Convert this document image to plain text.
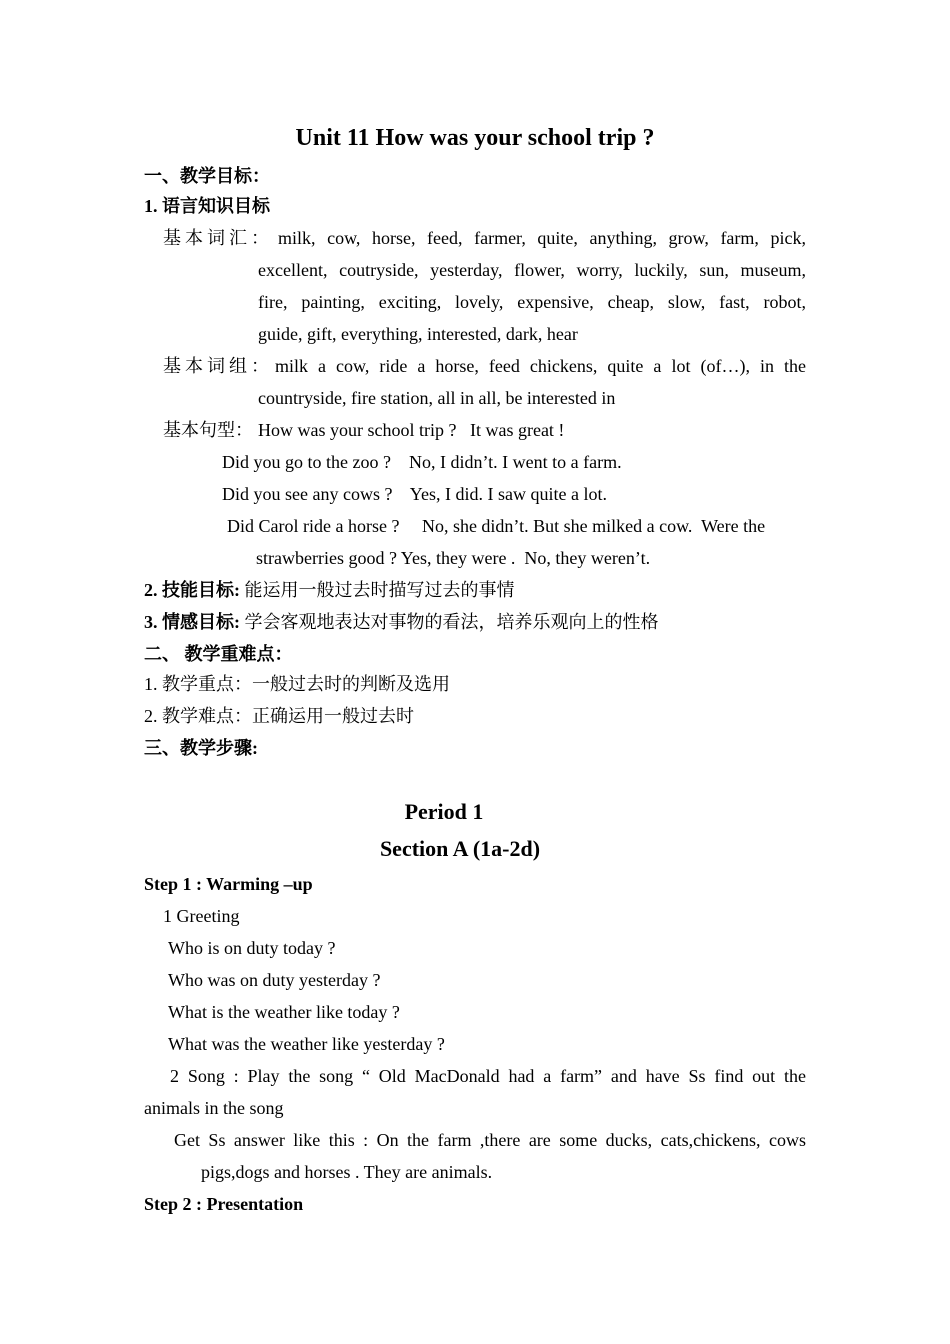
Unit 11 How was your school trip ?
一、教学目标：
1. 语言知识目标
基本词汇： milk, cow, horse, feed, farmer, quite, anything, grow, farm, pick,
excellent, coutryside, yesterday, flower, worry, luckily, sun, museum,
fire, painting, exciting, lovely, expensive, cheap, slow, fast, robot,
guide, gift, everything, interested, dark, hear
基本词组： milk a cow, ride a horse, feed chickens, quite a lot (of…), in the
countryside, fire station, all in all, be interested in
基本句型： How was your school trip ?   It was great !
Did you go to the zoo ?    No, I didn’t. I went to a farm.
Did you see any cows ?    Yes, I did. I saw quite a lot.
Did Carol ride a horse ?     No, she didn’t. But she milked a cow.  Were the
strawberries good ? Yes, they were .  No, they weren’t.
2. 技能目标: 能运用一般过去时描写过去的事情
3. 情感目标: 学会客观地表达对事物的看法，培养乐观向上的性格
二、 教学重难点：
1. 教学重点：一般过去时的判断及选用
2. 教学难点：正确运用一般过去时
三、教学步骤:
Period 1
Section A (1a-2d)
Step 1 : Warming –up
1 Greeting
Who is on duty today ?
Who was on duty yesterday ?
What is the weather like today ?
What was the weather like yesterday ?
2 Song : Play the song “ Old MacDonald had a farm” and have Ss find out the
animals in the song
Get Ss answer like this : On the farm ,there are some ducks, cats,chickens, cows
pigs,dogs and horses . They are animals.
Step 2 : Presentation
